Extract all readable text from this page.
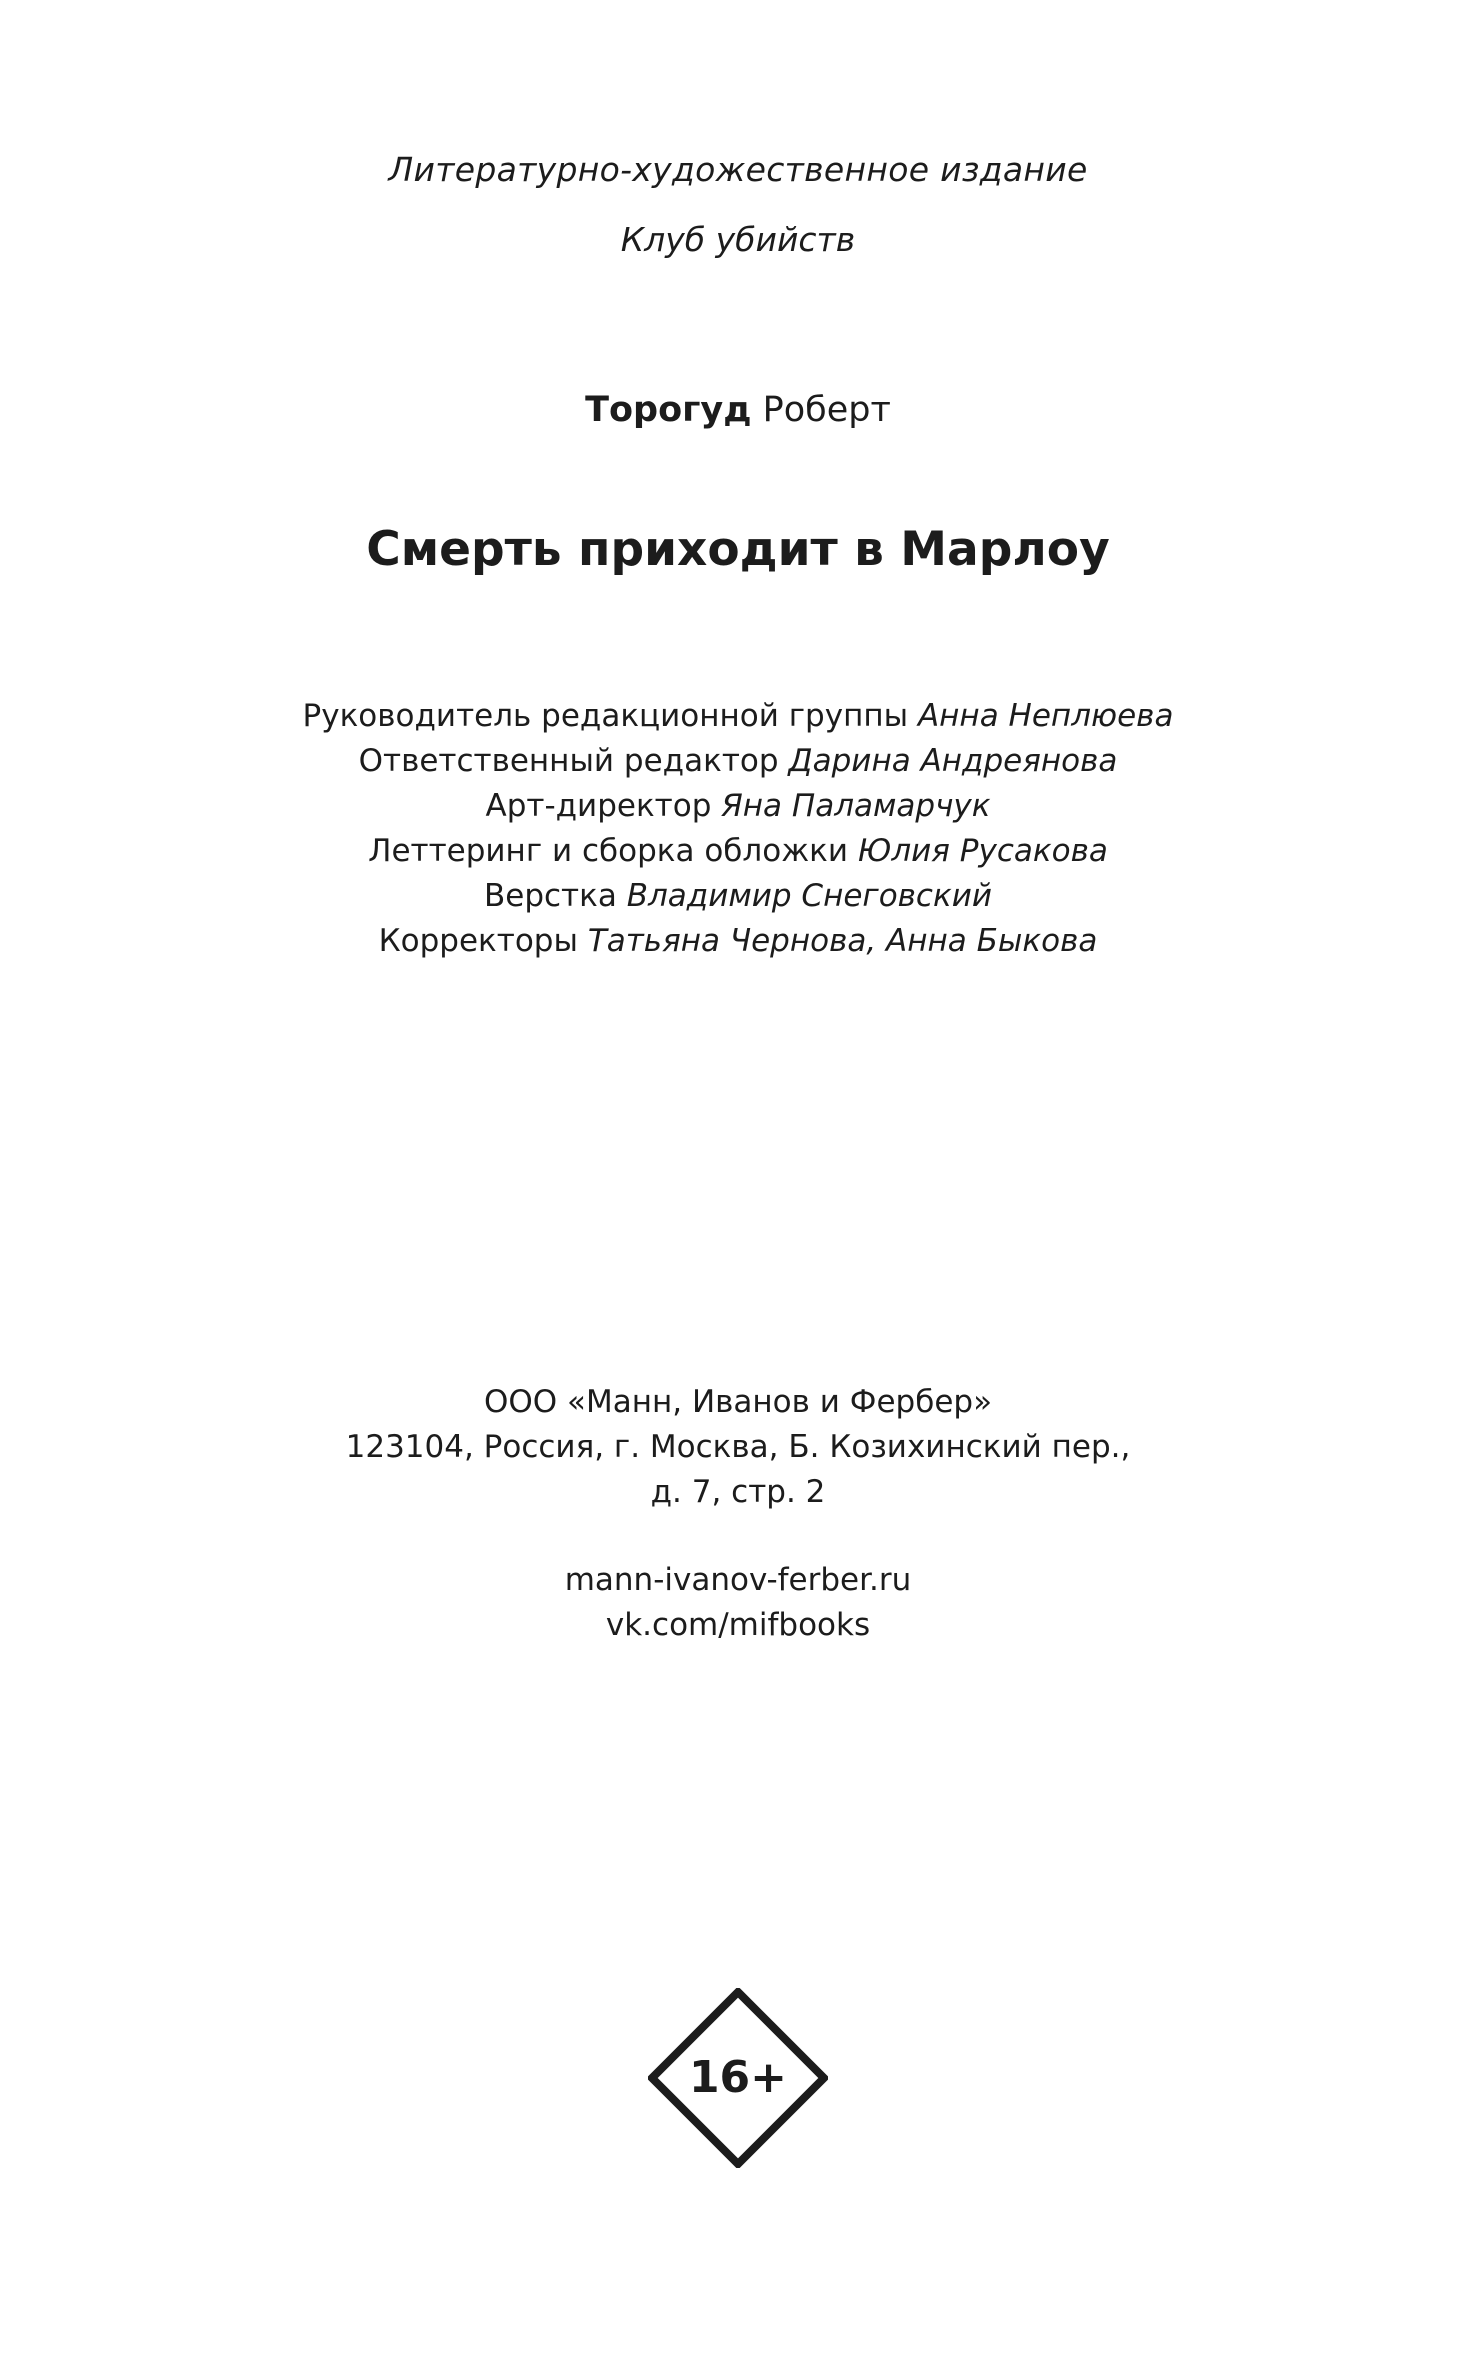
Литературно-художественное издание
Клуб убийств
Торогуд Роберт
Смерть приходит в Марлоу
Руководитель редакционной группы Анна Неплюева
Ответственный редактор Дарина Андреянова
Арт-директор Яна Паламарчук
Леттеринг и сборка обложки Юлия Русакова
Верстка Владимир Снеговский
Корректоры Татьяна Чернова, Анна Быкова
ООО «Манн, Иванов и Фербер»
123104, Россия, г. Москва, Б. Козихинский пер.,
д. 7, стр. 2
mann-ivanov-ferber.ru
vk.com/mifbooks
16+
